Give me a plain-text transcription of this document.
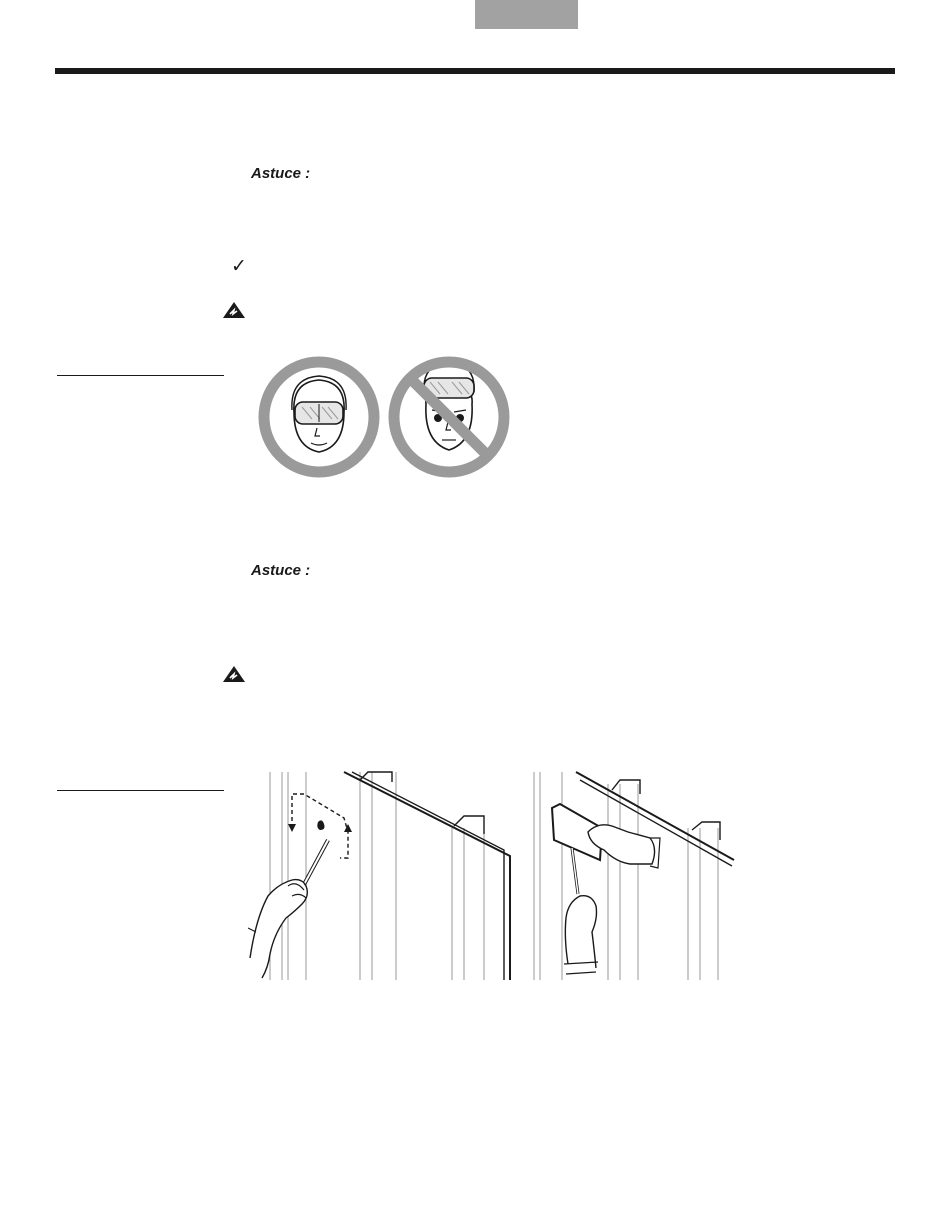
Astuce :
✓
Astuce :
